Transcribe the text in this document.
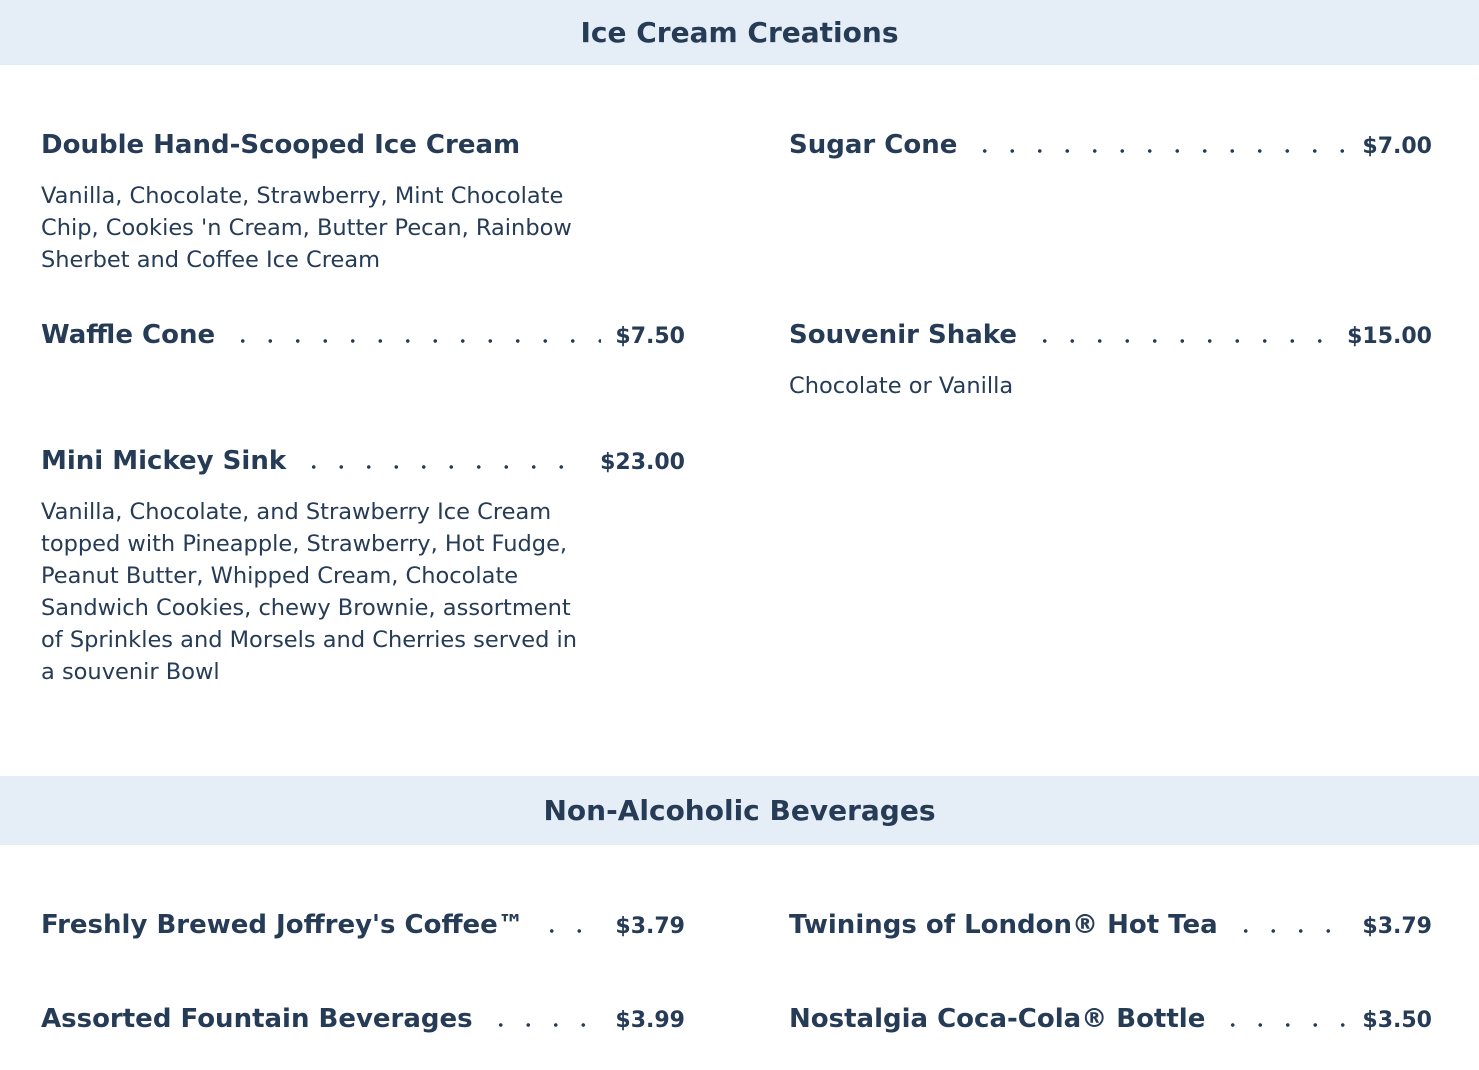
Ice Cream Creations
Double Hand-Scooped Ice Cream
Vanilla, Chocolate, Strawberry, Mint Chocolate Chip, Cookies 'n Cream, Butter Pecan, Rainbow Sherbet and Coffee Ice Cream
Sugar Cone	$7.00
Waffle Cone	$7.50	Souvenir Shake	$15.00
Chocolate or Vanilla
Mini Mickey Sink	$23.00
Vanilla, Chocolate, and Strawberry Ice Cream topped with Pineapple, Strawberry, Hot Fudge, Peanut Butter, Whipped Cream, Chocolate Sandwich Cookies, chewy Brownie, assortment of Sprinkles and Morsels and Cherries served in a souvenir Bowl
Non-Alcoholic Beverages
Freshly Brewed Joffrey's Coffee™	$3.79	Twinings of London® Hot Tea	$3.79
Assorted Fountain Beverages	$3.99	Nostalgia Coca-Cola® Bottle	$3.50
